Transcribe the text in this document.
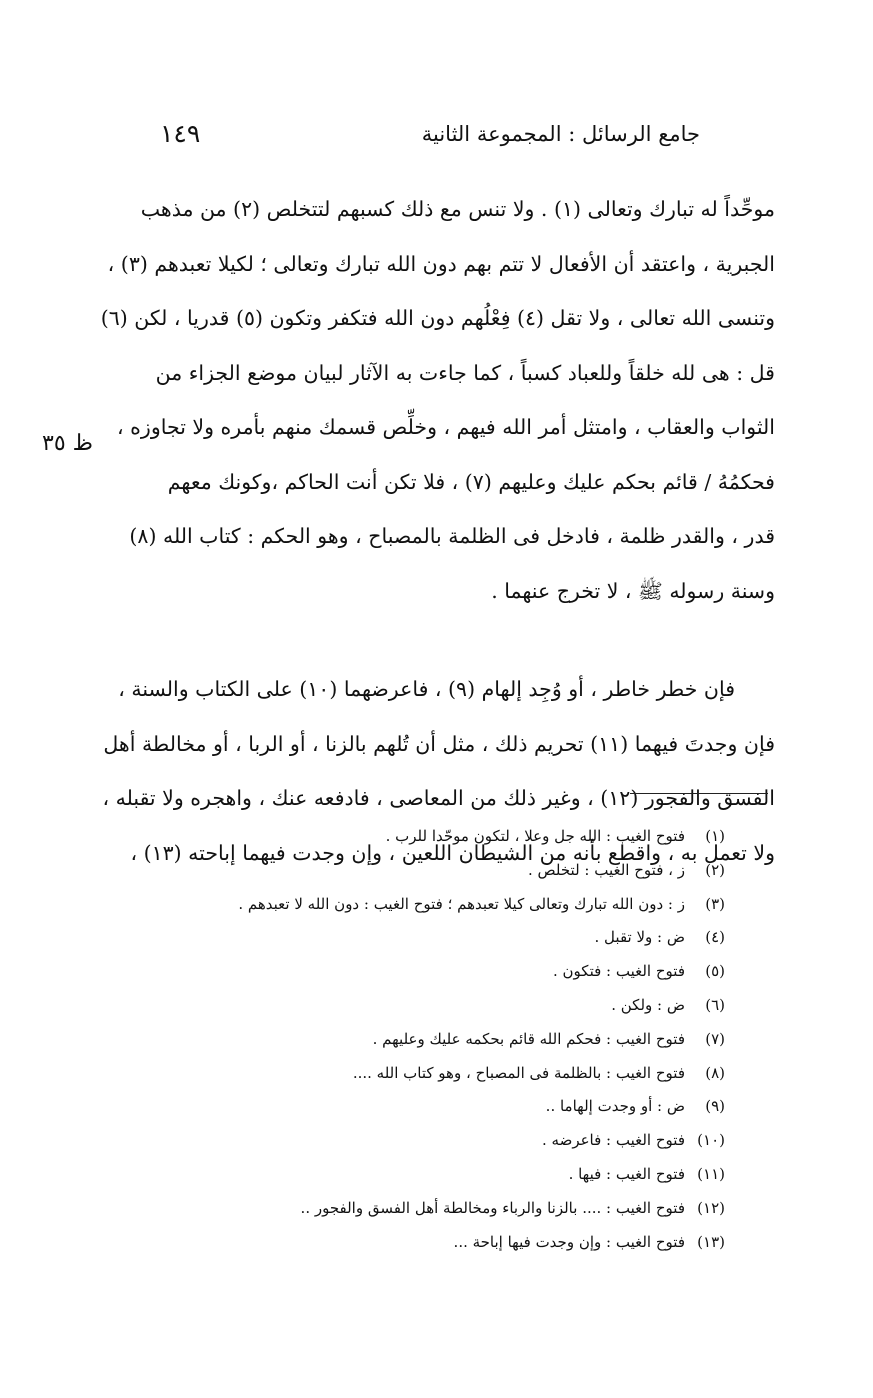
جامع الرسائل : المجموعة الثانية
١٤٩
ظ ٣٥

موحِّداً له تبارك وتعالى (١) . ولا تنس مع ذلك كسبهم لتتخلص (٢) من مذهب
الجبرية ، واعتقد أن الأفعال لا تتم بهم دون الله تبارك وتعالى ؛ لكيلا تعبدهم (٣) ،
وتنسى الله تعالى ، ولا تقل (٤) فِعْلُهم دون الله فتكفر وتكون (٥) قدريا ، لكن (٦)
قل : هى لله خلقاً وللعباد كسباً ، كما جاءت به الآثار لبيان موضع الجزاء من
الثواب والعقاب ، وامتثل أمر الله فيهم ، وخلِّص قسمك منهم بأمره ولا تجاوزه ،
فحكمُهُ / قائم بحكم عليك وعليهم (٧) ، فلا تكن أنت الحاكم ،وكونك معهم
قدر ، والقدر ظلمة ، فادخل فى الظلمة بالمصباح ، وهو الحكم : كتاب الله (٨)
وسنة رسوله ﷺ ، لا تخرج عنهما .

فإن خطر خاطر ، أو وُجِد إلهام (٩) ، فاعرضهما (١٠) على الكتاب والسنة ،
فإن وجدتَ فيهما (١١) تحريم ذلك ، مثل أن تُلهم بالزنا ، أو الربا ، أو مخالطة أهل
الفسق والفجور (١٢) ، وغير ذلك من المعاصى ، فادفعه عنك ، واهجره ولا تقبله ،
ولا تعمل به ، واقطع بأنه من الشيطان اللعين ، وإن وجدت فيهما إباحته (١٣) ،

(١)فتوح الغيب : الله جل وعلا ، لتكون موحّدا للرب .
(٢)ز ، فتوح الغيب : لتخلص .
(٣)ز : دون الله تبارك وتعالى كيلا تعبدهم ؛ فتوح الغيب : دون الله لا تعبدهم .
(٤)ض : ولا تقبل .
(٥)فتوح الغيب : فتكون .
(٦)ض : ولكن .
(٧)فتوح الغيب : فحكم الله قائم بحكمه عليك وعليهم .
(٨)فتوح الغيب : بالظلمة فى المصباح ، وهو كتاب الله ....
(٩)ض : أو وجدت إلهاما ..
(١٠)فتوح الغيب : فاعرضه .
(١١)فتوح الغيب : فيها .
(١٢)فتوح الغيب : .... بالزنا والرباء ومخالطة أهل الفسق والفجور ..
(١٣)فتوح الغيب : وإن وجدت فيها إباحة ...
